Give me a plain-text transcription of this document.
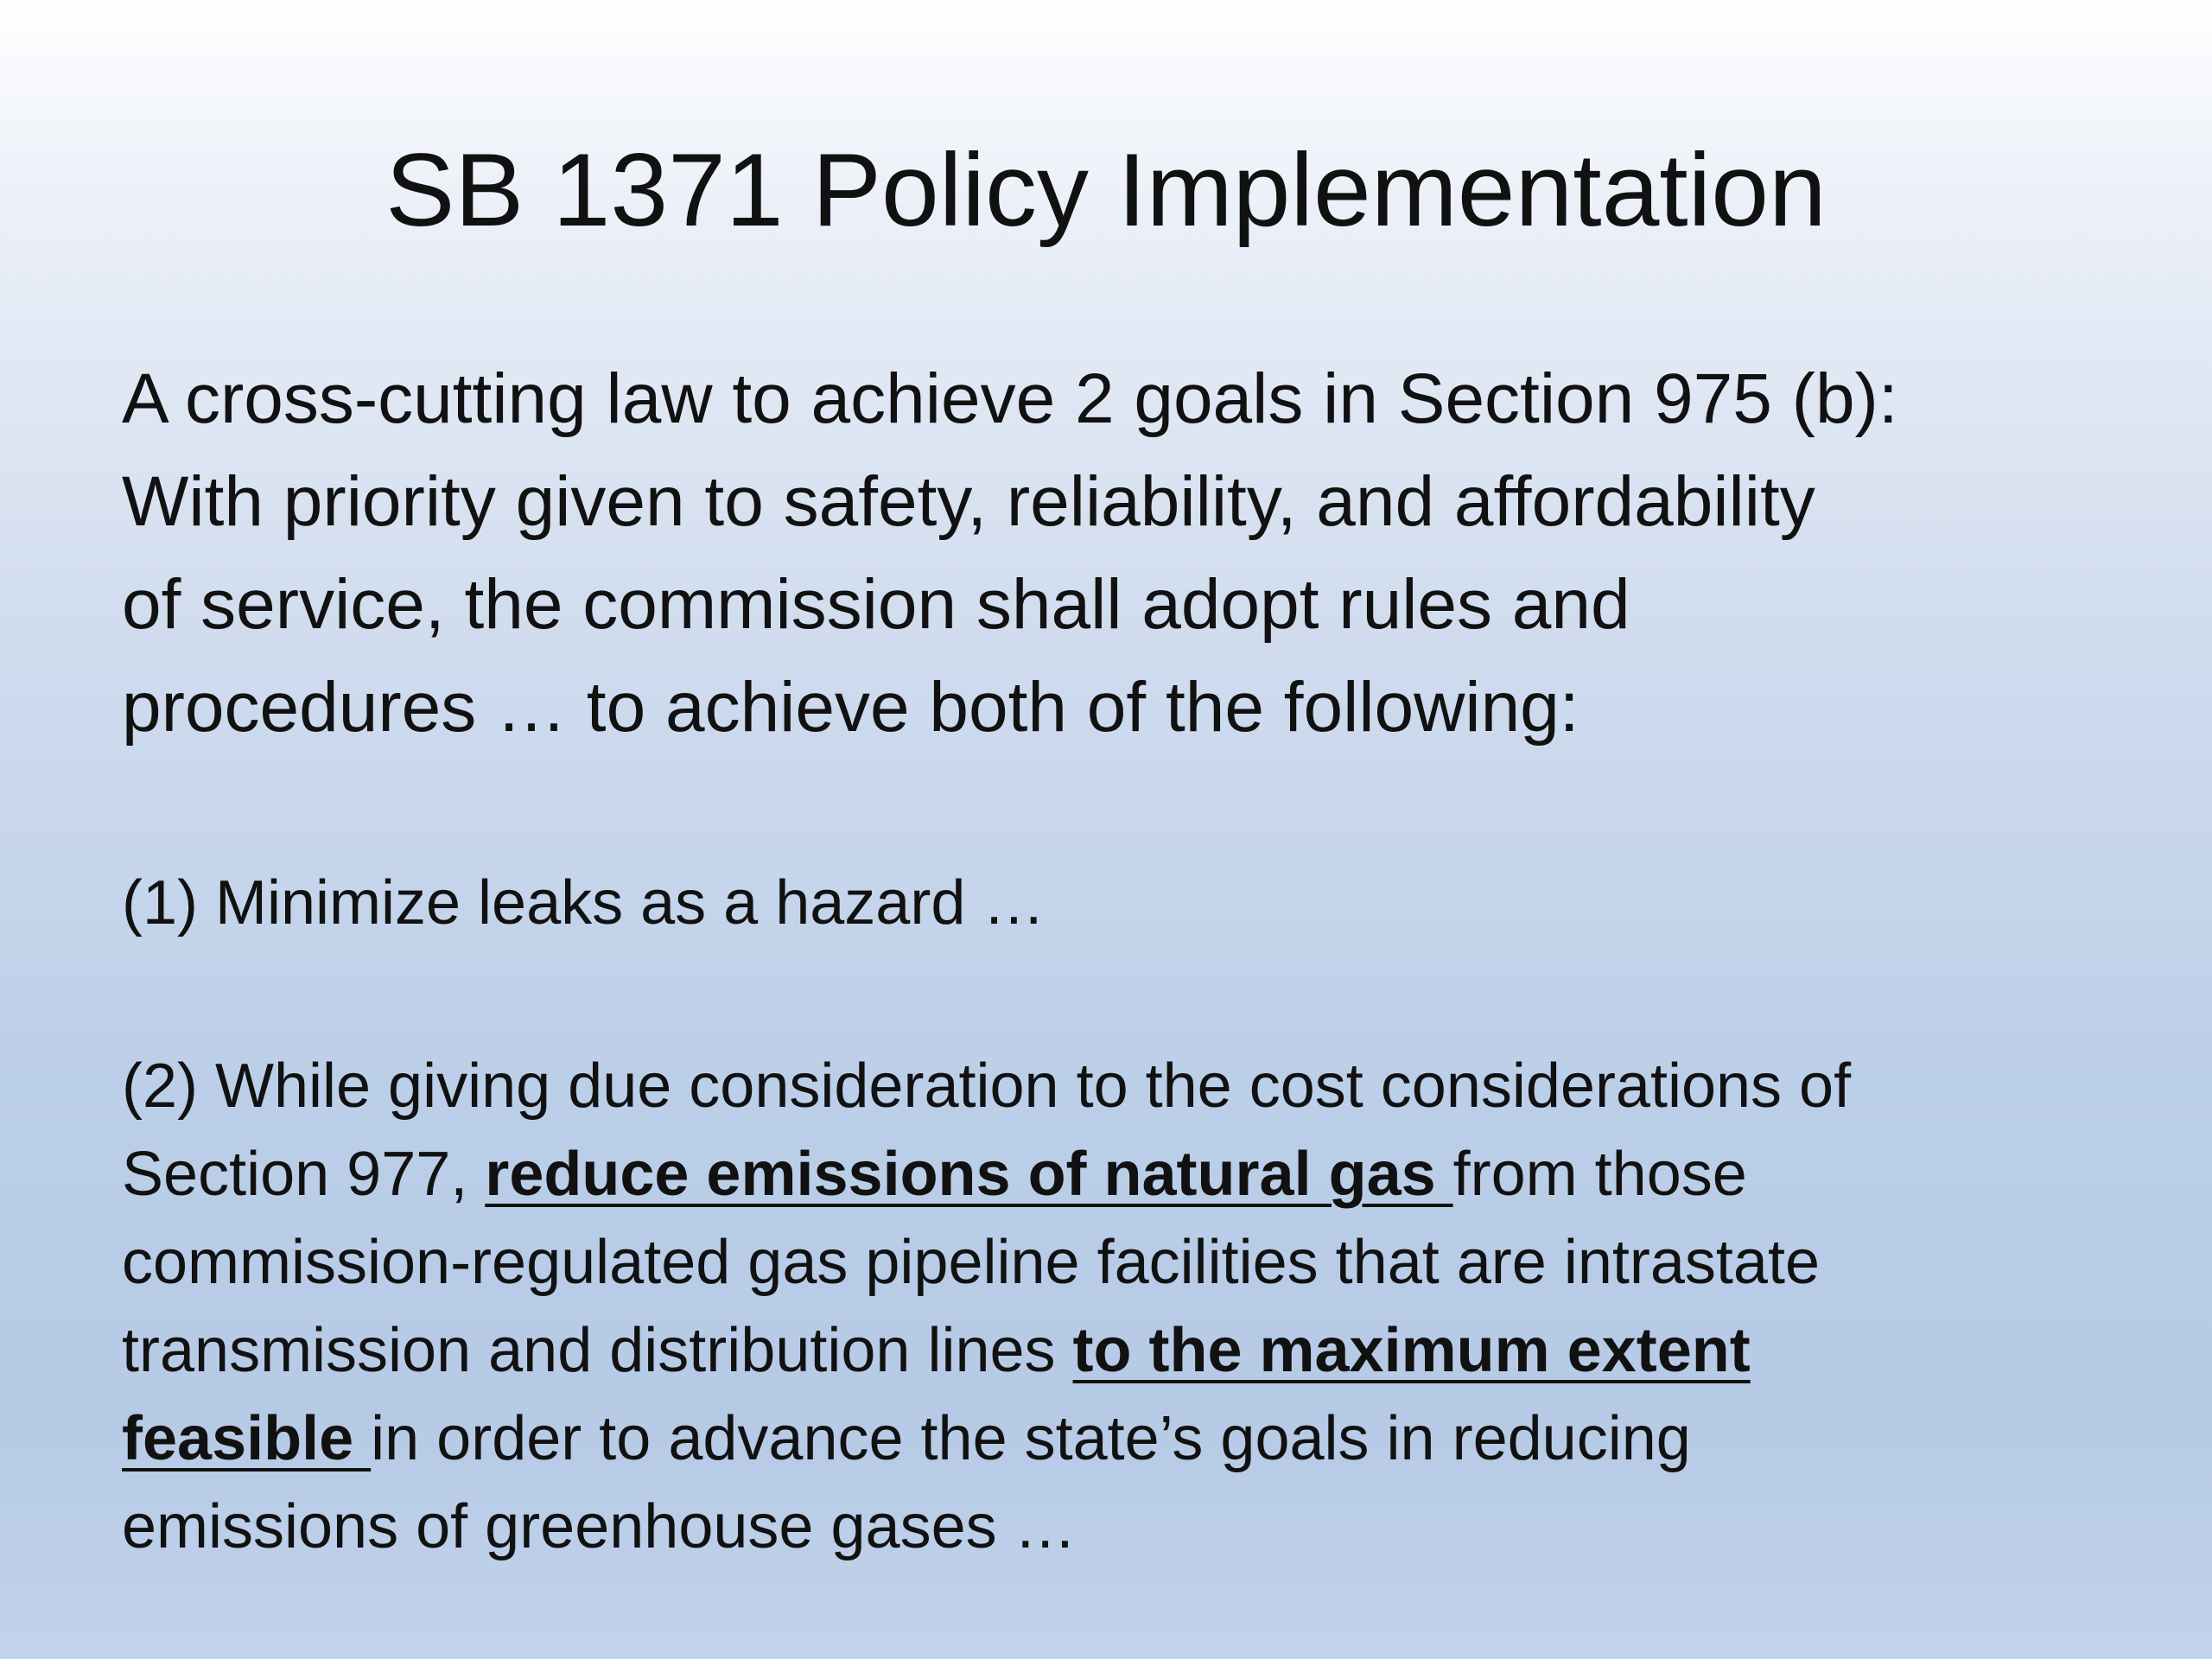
SB 1371 Policy Implementation

A cross-cutting law to achieve 2 goals in Section 975 (b):
With priority given to safety, reliability, and affordability
of service, the commission shall adopt rules and
procedures … to achieve both of the following:

(1) Minimize leaks as a hazard …

(2) While giving due consideration to the cost considerations of
Section 977, reduce emissions of natural gas from those
commission-regulated gas pipeline facilities that are intrastate
transmission and distribution lines to the maximum extent
feasible in order to advance the state’s goals in reducing
emissions of greenhouse gases …
